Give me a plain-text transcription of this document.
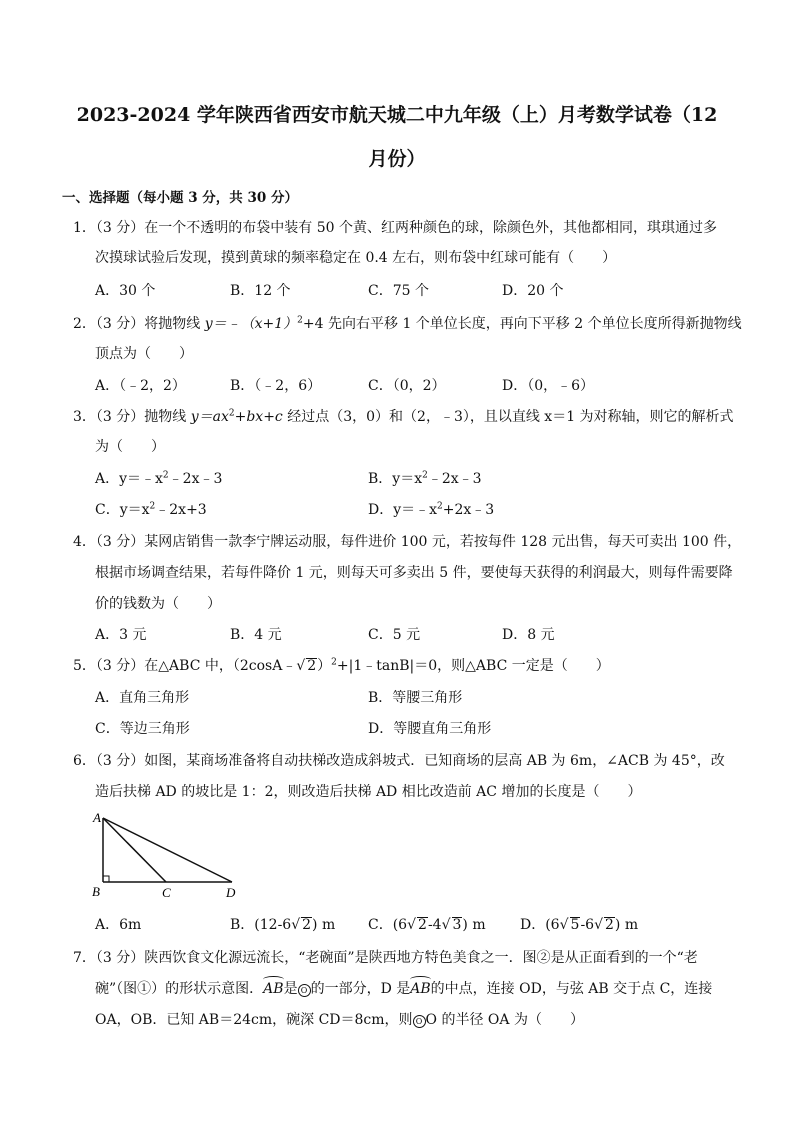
2023-2024 学年陕西省西安市航天城二中九年级（上）月考数学试卷（12
月份）
一、选择题（每小题 3 分，共 30 分）
1．（3 分）在一个不透明的布袋中装有 50 个黄、红两种颜色的球，除颜色外，其他都相同，琪琪通过多
次摸球试验后发现，摸到黄球的频率稳定在 0.4 左右，则布袋中红球可能有（　　）
A．30 个	B．12 个	C．75 个	D．20 个
2．（3 分）将抛物线 $y=﹣(x+1)^2+4$ 先向右平移 1 个单位长度，再向下平移 2 个单位长度所得新抛物线
顶点为（　　）
A．（﹣2，2）	B．（﹣2，6）	C．（0，2）	D．（0，﹣6）
3．（3 分）抛物线 $y=ax^2+bx+c$ 经过点（3，0）和（2，﹣3），且以直线 x＝1 为对称轴，则它的解析式
为（　　）
A．$y=﹣x^2﹣2x﹣3$	B．$y=x^2﹣2x﹣3$
C．$y=x^2﹣2x+3$	D．$y=﹣x^2+2x﹣3$
4．（3 分）某网店销售一款李宁牌运动服，每件进价 100 元，若按每件 128 元出售，每天可卖出 100 件，
根据市场调查结果，若每件降价 1 元，则每天可多卖出 5 件，要使每天获得的利润最大，则每件需要降
价的钱数为（　　）
A．3 元	B．4 元	C．5 元	D．8 元
5．（3 分）在△ABC 中，（2cosA﹣√ 2）$^2$+|1﹣tanB|＝0，则△ABC 一定是（　　）
A．直角三角形	B．等腰三角形
C．等边三角形	D．等腰直角三角形
6．（3 分）如图，某商场准备将自动扶梯改造成斜坡式．已知商场的层高 AB 为 6m，∠ACB 为 45°，改
造后扶梯 AD 的坡比是 1：2，则改造后扶梯 AD 相比改造前 AC 增加的长度是（　　）
A
B	C	D
A．6m	B．(12-6√ 2) m C．(6√ 2-4√ 3) m D．(6√ 5-6√ 2) m
7．（3 分）陕西饮食文化源远流长，“老碗面”是陕西地方特色美食之一．图②是从正面看到的一个“老
碗”（图①）的形状示意图．AB是 O 的一部分，D 是AB的中点，连接 OD，与弦 AB 交于点 C，连接
OA，OB．已知 AB＝24cm，碗深 CD＝8cm，则 O O 的半径 OA 为（　　）
